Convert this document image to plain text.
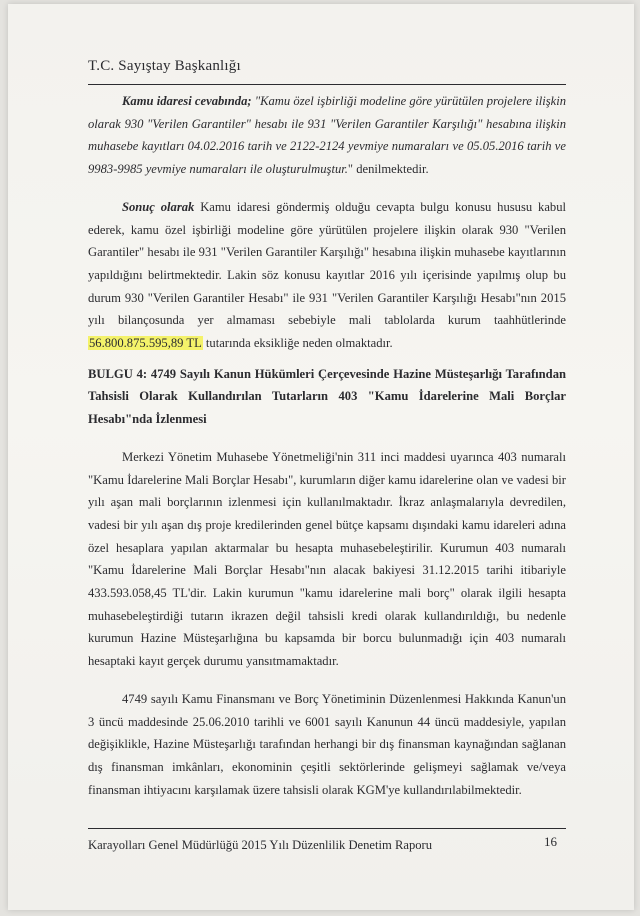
T.C. Sayıştay Başkanlığı

Kamu idaresi cevabında; "Kamu özel işbirliği modeline göre yürütülen projelere ilişkin olarak 930 "Verilen Garantiler" hesabı ile 931 "Verilen Garantiler Karşılığı" hesabına ilişkin muhasebe kayıtları 04.02.2016 tarih ve 2122-2124 yevmiye numaraları ve 05.05.2016 tarih ve 9983-9985 yevmiye numaraları ile oluşturulmuştur." denilmektedir.

Sonuç olarak Kamu idaresi göndermiş olduğu cevapta bulgu konusu hususu kabul ederek, kamu özel işbirliği modeline göre yürütülen projelere ilişkin olarak 930 "Verilen Garantiler" hesabı ile 931 "Verilen Garantiler Karşılığı" hesabına ilişkin muhasebe kayıtlarının yapıldığını belirtmektedir. Lakin söz konusu kayıtlar 2016 yılı içerisinde yapılmış olup bu durum 930 "Verilen Garantiler Hesabı" ile 931 "Verilen Garantiler Karşılığı Hesabı"nın 2015 yılı bilançosunda yer almaması sebebiyle mali tablolarda kurum taahhütlerinde 56.800.875.595,89 TL tutarında eksikliğe neden olmaktadır.

BULGU 4: 4749 Sayılı Kanun Hükümleri Çerçevesinde Hazine Müsteşarlığı Tarafından Tahsisli Olarak Kullandırılan Tutarların 403 "Kamu İdarelerine Mali Borçlar Hesabı"nda İzlenmesi

Merkezi Yönetim Muhasebe Yönetmeliği'nin 311 inci maddesi uyarınca 403 numaralı "Kamu İdarelerine Mali Borçlar Hesabı", kurumların diğer kamu idarelerine olan ve vadesi bir yılı aşan mali borçlarının izlenmesi için kullanılmaktadır. İkraz anlaşmalarıyla devredilen, vadesi bir yılı aşan dış proje kredilerinden genel bütçe kapsamı dışındaki kamu idareleri adına özel hesaplara yapılan aktarmalar bu hesapta muhasebeleştirilir. Kurumun 403 numaralı "Kamu İdarelerine Mali Borçlar Hesabı"nın alacak bakiyesi 31.12.2015 tarihi itibariyle 433.593.058,45 TL'dir. Lakin kurumun "kamu idarelerine mali borç" olarak ilgili hesapta muhasebeleştirdiği tutarın ikrazen değil tahsisli kredi olarak kullandırıldığı, bu nedenle kurumun Hazine Müsteşarlığına bu kapsamda bir borcu bulunmadığı için 403 numaralı hesaptaki kayıt gerçek durumu yansıtmamaktadır.

4749 sayılı Kamu Finansmanı ve Borç Yönetiminin Düzenlenmesi Hakkında Kanun'un 3 üncü maddesinde 25.06.2010 tarihli ve 6001 sayılı Kanunun 44 üncü maddesiyle, yapılan değişiklikle, Hazine Müsteşarlığı tarafından herhangi bir dış finansman kaynağından sağlanan dış finansman imkânları, ekonominin çeşitli sektörlerinde gelişmeyi sağlamak ve/veya finansman ihtiyacını karşılamak üzere tahsisli olarak KGM'ye kullandırılabilmektedir.

Karayolları Genel Müdürlüğü 2015 Yılı Düzenlilik Denetim Raporu	16
